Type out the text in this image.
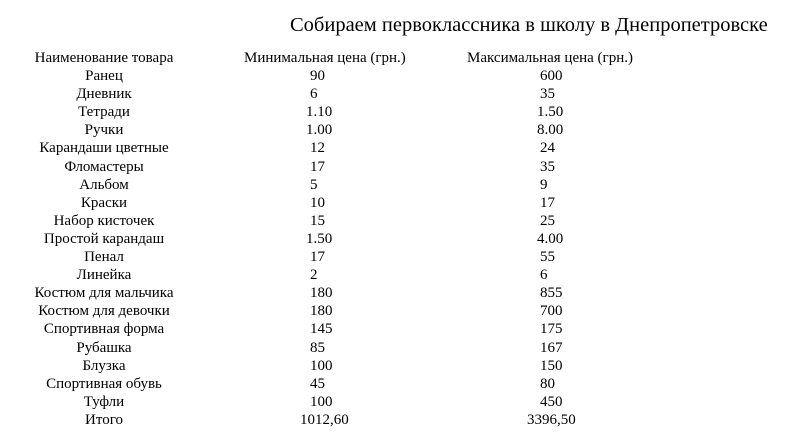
Собираем первоклассника в школу в Днепропетровске
Наименование товара	Минимальная цена (грн.)	Максимальная цена (грн.)
Ранец	90	600
Дневник	6	35
Тетради	1.10	1.50
Ручки	1.00	8.00
Карандаши цветные	12	24
Фломастеры	17	35
Альбом	5	9
Краски	10	17
Набор кисточек	15	25
Простой карандаш	1.50	4.00
Пенал	17	55
Линейка	2	6
Костюм для мальчика	180	855
Костюм для девочки	180	700
Спортивная форма	145	175
Рубашка	85	167
Блузка	100	150
Спортивная обувь	45	80
Туфли	100	450
Итого	1012,60	3396,50
